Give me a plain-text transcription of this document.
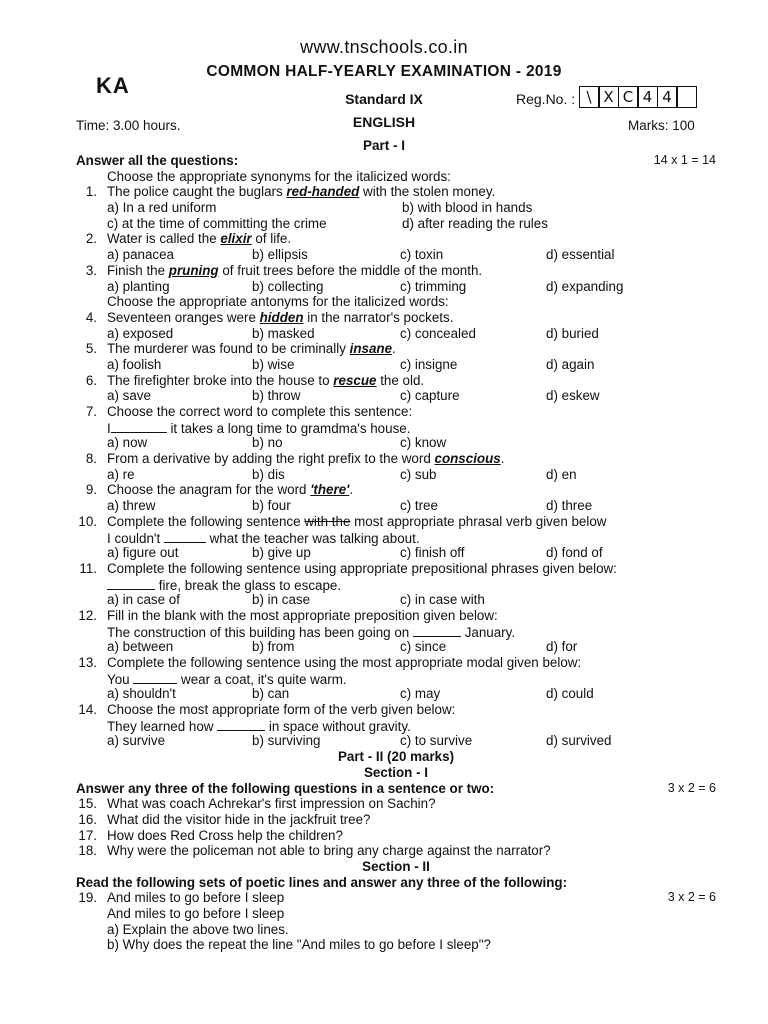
www.tnschools.co.in
COMMON HALF-YEARLY EXAMINATION - 2019
KA
Standard IX	Reg.No. : \ X C 4 4
Time: 3.00 hours.	ENGLISH	Marks: 100
Part - I
Answer all the questions:	14 x 1 = 14
Choose the appropriate synonyms for the italicized words:
1. The police caught the buglars red-handed with the stolen money.
a) In a red uniform	b) with blood in hands
c) at the time of committing the crime	d) after reading the rules
2. Water is called the elixir of life.
a) panacea	b) ellipsis	c) toxin	d) essential
3. Finish the pruning of fruit trees before the middle of the month.
a) planting	b) collecting	c) trimming	d) expanding
Choose the appropriate antonyms for the italicized words:
4. Seventeen oranges were hidden in the narrator's pockets.
a) exposed	b) masked	c) concealed	d) buried
5. The murderer was found to be criminally insane.
a) foolish	b) wise	c) insigne	d) again
6. The firefighter broke into the house to rescue the old.
a) save	b) throw	c) capture	d) eskew
7. Choose the correct word to complete this sentence:
I	it takes a long time to gramdma's house.
a) now	b) no	c) know
8. From a derivative by adding the right prefix to the word conscious.
a) re	b) dis	c) sub	d) en
9. Choose the anagram for the word 'there'.
a) threw	b) four	c) tree	d) three
10. Complete the following sentence with the most appropriate phrasal verb given below
I couldn't	what the teacher was talking about.
a) figure out	b) give up	c) finish off	d) fond of
11. Complete the following sentence using appropriate prepositional phrases given below:
fire, break the glass to escape.
a) in case of	b) in case	c) in case with
12. Fill in the blank with the most appropriate preposition given below:
The construction of this building has been going on	January.
a) between	b) from	c) since	d) for
13. Complete the following sentence using the most appropriate modal given below:
You	wear a coat, it's quite warm.
a) shouldn't	b) can	c) may	d) could
14. Choose the most appropriate form of the verb given below:
They learned how	in space without gravity.
a) survive	b) surviving	c) to survive	d) survived
Part - II (20 marks)
Section - I
Answer any three of the following questions in a sentence or two:	3 x 2 = 6
15. What was coach Achrekar's first impression on Sachin?
16. What did the visitor hide in the jackfruit tree?
17. How does Red Cross help the children?
18. Why were the policeman not able to bring any charge against the narrator?
Section - II
Read the following sets of poetic lines and answer any three of the following:
19. And miles to go before I sleep	3 x 2 = 6
And miles to go before I sleep
a) Explain the above two lines.
b) Why does the repeat the line "And miles to go before I sleep"?
